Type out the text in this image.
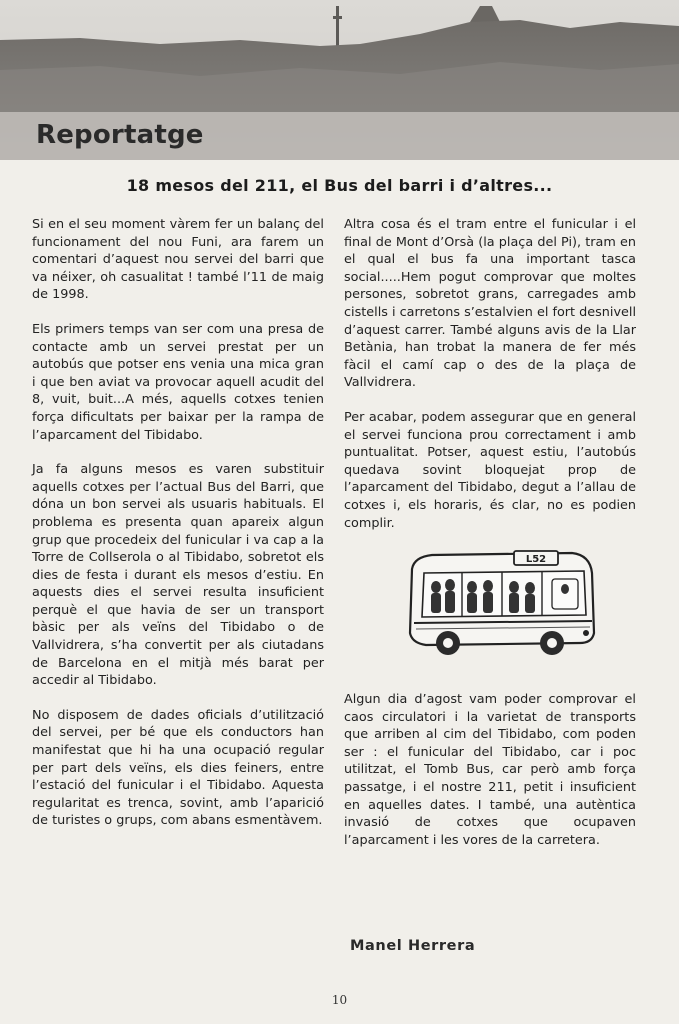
Reportatge
18 mesos del 211, el Bus del barri i d’altres...

Si en el seu moment vàrem fer un balanç del funcionament del nou Funi, ara farem un comentari d’aquest nou servei del barri que va néixer, oh casualitat ! també l’11 de maig de 1998.

Els primers temps van ser com una presa de contacte amb un servei prestat per un autobús que potser ens venia una mica gran i que ben aviat va provocar aquell acudit del 8, vuit, buit...A més, aquells cotxes tenien força dificultats per baixar per la rampa de l’aparcament del Tibidabo.

Ja fa alguns mesos es varen substituir aquells cotxes per l’actual Bus del Barri, que dóna un bon servei als usuaris habituals. El problema es presenta quan apareix algun grup que procedeix del funicular i va cap a la Torre de Collserola o al Tibidabo, sobretot els dies de festa i durant els mesos d’estiu. En aquests dies el servei resulta insuficient perquè el que havia de ser un transport bàsic per als veïns del Tibidabo o de Vallvidrera, s’ha convertit per als ciutadans de Barcelona en el mitjà més barat per accedir al Tibidabo.

No disposem de dades oficials d’utilització del servei, per bé que els conductors han manifestat que hi ha una ocupació regular per part dels veïns, els dies feiners, entre l’estació del funicular i el Tibidabo. Aquesta regularitat es trenca, sovint, amb l’aparició de turistes o grups, com abans esmentàvem.

Altra cosa és el tram entre el funicular i el final de Mont d’Orsà (la plaça del Pi), tram en el qual el bus fa una important tasca social.....Hem pogut comprovar que moltes persones, sobretot grans, carregades amb cistells i carretons s’estalvien el fort desnivell d’aquest carrer. També alguns avis de la Llar Betània, han trobat la manera de fer més fàcil el camí cap o des de la plaça de Vallvidrera.

Per acabar, podem assegurar que en general el servei funciona prou correctament i amb puntualitat. Potser, aquest estiu, l’autobús quedava sovint bloquejat prop de l’aparcament del Tibidabo, degut a l’allau de cotxes i, els horaris, és clar, no es podien complir.

L52

Algun dia d’agost vam poder comprovar el caos circulatori i la varietat de transports que arriben al cim del Tibidabo, com poden ser : el funicular del Tibidabo, car i poc utilitzat, el Tomb Bus, car però amb força passatge, i el nostre 211, petit i insuficient en aquelles dates. I també, una autèntica invasió de cotxes que ocupaven l’aparcament i les vores de la carretera.

Manel Herrera
10
